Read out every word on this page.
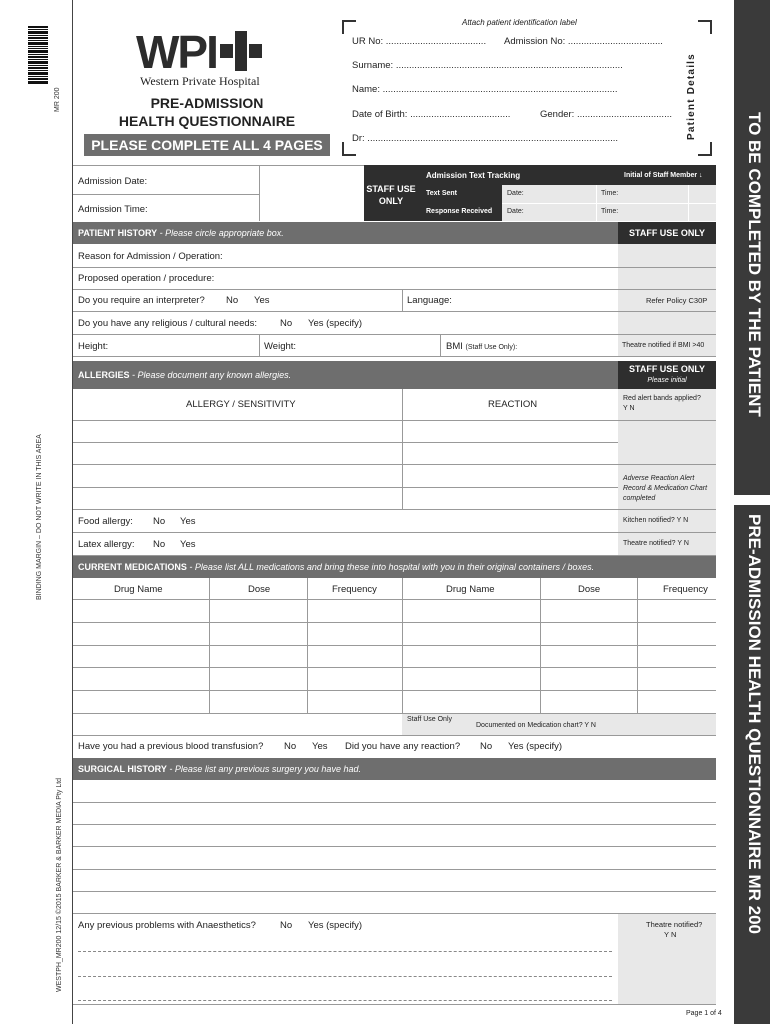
MR 200
BINDING MARGIN – DO NOT WRITE IN THIS AREA
WESTPH_MR200 12/15 ©2015 BARKER & BARKER MEDIA Pty Ltd
TO BE COMPLETED BY THE PATIENT
PRE-ADMISSION HEALTH QUESTIONNAIRE MR 200
WPI
Western Private Hospital
PRE-ADMISSION
HEALTH QUESTIONNAIRE
PLEASE COMPLETE ALL 4 PAGES
Attach patient identification label
UR No: ...................................... Admission No: ....................................
Surname: ......................................................................................
Name: .........................................................................................
Date of Birth: ......................................	Gender: ....................................
Dr: ...............................................................................................	Patient Details
Admission Date:
Admission Time:
STAFF USE ONLY
Admission Text Tracking	Initial of Staff Member ↓
Text Sent
Response Received
Date:	Time:
Date:	Time:
PATIENT HISTORY - Please circle appropriate box.	STAFF USE ONLY
Reason for Admission / Operation:
Proposed operation / procedure:
Do you require an interpreter? No Yes	Language:	Refer Policy C30P
Do you have any religious / cultural needs: No Yes (specify)
Height:	Weight:	BMI (Staff Use Only):	Theatre notified if BMI >40
ALLERGIES - Please document any known allergies.
STAFF USE ONLY
Please initial
ALLERGY / SENSITIVITY	REACTION
Red alert bands applied?
Y N
Adverse Reaction Alert Record & Medication Chart completed
Food allergy: No Yes	Kitchen notified? Y N
Latex allergy: No Yes	Theatre notified? Y N
CURRENT MEDICATIONS - Please list ALL medications and bring these into hospital with you in their original containers / boxes.
Drug Name	Dose	Frequency	Drug Name	Dose	Frequency
Staff Use Only
Documented on Medication chart? Y N
Have you had a previous blood transfusion? No Yes Did you have any reaction? No Yes (specify)
SURGICAL HISTORY - Please list any previous surgery you have had.
Any previous problems with Anaesthetics?	No Yes (specify)	Theatre notified?
Y N
Page 1 of 4
